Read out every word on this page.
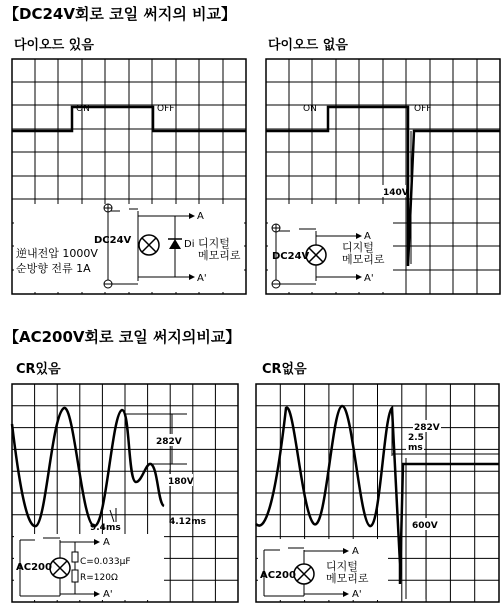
【DC24V회로 코일 써지의 비교】
다이오드 있음	다이오드 없음
【AC200V회로 코일 써지의비교】
CR있음	CR없음
ON	OFF
A
A'
DC24V	Di 디지털
메모리로
逆내전압 1000V
순방향 전류 1A
ON	OFF
140V
A
A'
DC24V
디지털
메모리로
282V
180V
9.4ms
4.12ms
A
A'
AC200	C=0.033μF
R=120Ω
2.5
ms
282V
600V
A
A'
AC200
디지털
메모리로
